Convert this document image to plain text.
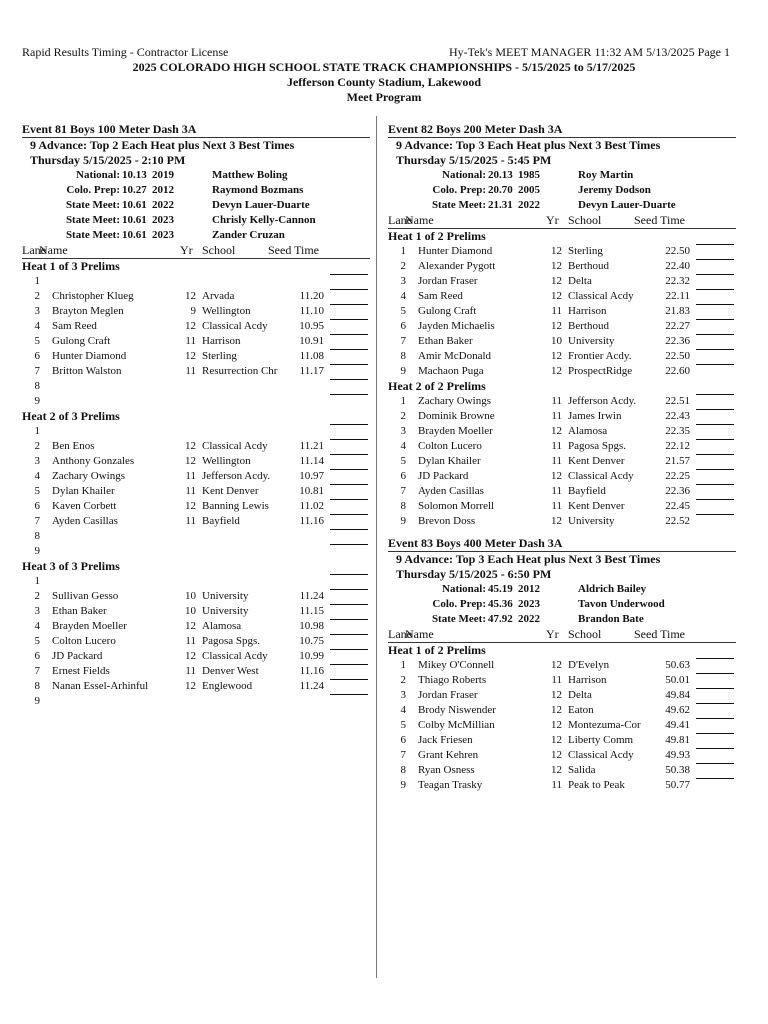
Rapid Results Timing - Contractor License	Hy-Tek's MEET MANAGER 11:32 AM 5/13/2025 Page 1
2025 COLORADO HIGH SCHOOL STATE TRACK CHAMPIONSHIPS - 5/15/2025 to 5/17/2025
Jefferson County Stadium, Lakewood
Meet Program
Event 81 Boys 100 Meter Dash 3A
9 Advance: Top 2 Each Heat plus Next 3 Best Times
Thursday 5/15/2025 - 2:10 PM
National: 10.13 2019	Matthew Boling
Colo. Prep: 10.27 2012	Raymond Bozmans
State Meet: 10.61 2022	Devyn Lauer-Duarte
State Meet: 10.61 2023	Chrisly Kelly-Cannon
State Meet: 10.61 2023	Zander Cruzan
Lane
Name	Yr School	Seed Time
Heat 1 of 3 Prelims
1
2 Christopher Klueg	12 Arvada	11.20
3 Brayton Meglen	9 Wellington	11.10
4 Sam Reed	12 Classical Acdy	10.95
5 Gulong Craft	11 Harrison	10.91
6 Hunter Diamond	12 Sterling	11.08
7 Britton Walston	11 Resurrection Chr	11.17
8
9
Heat 2 of 3 Prelims
1
2 Ben Enos	12 Classical Acdy	11.21
3 Anthony Gonzales	12 Wellington	11.14
4 Zachary Owings	11 Jefferson Acdy.	10.97
5 Dylan Khailer	11 Kent Denver	10.81
6 Kaven Corbett	12 Banning Lewis	11.02
7 Ayden Casillas	11 Bayfield	11.16
8
9
Heat 3 of 3 Prelims
1
2 Sullivan Gesso	10 University	11.24
3 Ethan Baker	10 University	11.15
4 Brayden Moeller	12 Alamosa	10.98
5 Colton Lucero	11 Pagosa Spgs.	10.75
6 JD Packard	12 Classical Acdy	10.99
7 Ernest Fields	11 Denver West	11.16
8 Nanan Essel-Arhinful	12 Englewood	11.24
9
Event 82 Boys 200 Meter Dash 3A
9 Advance: Top 3 Each Heat plus Next 3 Best Times
Thursday 5/15/2025 - 5:45 PM
National: 20.13 1985	Roy Martin
Colo. Prep: 20.70 2005	Jeremy Dodson
State Meet: 21.31 2022	Devyn Lauer-Duarte
Lane
Name	Yr School	Seed Time
Heat 1 of 2 Prelims
1 Hunter Diamond	12 Sterling	22.50
2 Alexander Pygott	12 Berthoud	22.40
3 Jordan Fraser	12 Delta	22.32
4 Sam Reed	12 Classical Acdy	22.11
5 Gulong Craft	11 Harrison	21.83
6 Jayden Michaelis	12 Berthoud	22.27
7 Ethan Baker	10 University	22.36
8 Amir McDonald	12 Frontier Acdy.	22.50
9 Machaon Puga	12 ProspectRidge	22.60
Heat 2 of 2 Prelims
1 Zachary Owings	11 Jefferson Acdy.	22.51
2 Dominik Browne	11 James Irwin	22.43
3 Brayden Moeller	12 Alamosa	22.35
4 Colton Lucero	11 Pagosa Spgs.	22.12
5 Dylan Khailer	11 Kent Denver	21.57
6 JD Packard	12 Classical Acdy	22.25
7 Ayden Casillas	11 Bayfield	22.36
8 Solomon Morrell	11 Kent Denver	22.45
9 Brevon Doss	12 University	22.52
Event 83 Boys 400 Meter Dash 3A
9 Advance: Top 3 Each Heat plus Next 3 Best Times
Thursday 5/15/2025 - 6:50 PM
National: 45.19 2012	Aldrich Bailey
Colo. Prep: 45.36 2023	Tavon Underwood
State Meet: 47.92 2022	Brandon Bate
Lane
Name	Yr School	Seed Time
Heat 1 of 2 Prelims
1 Mikey O'Connell	12 D'Evelyn	50.63
2 Thiago Roberts	11 Harrison	50.01
3 Jordan Fraser	12 Delta	49.84
4 Brody Niswender	12 Eaton	49.62
5 Colby McMillian	12 Montezuma-Cor	49.41
6 Jack Friesen	12 Liberty Comm	49.81
7 Grant Kehren	12 Classical Acdy	49.93
8 Ryan Osness	12 Salida	50.38
9 Teagan Trasky	11 Peak to Peak	50.77
